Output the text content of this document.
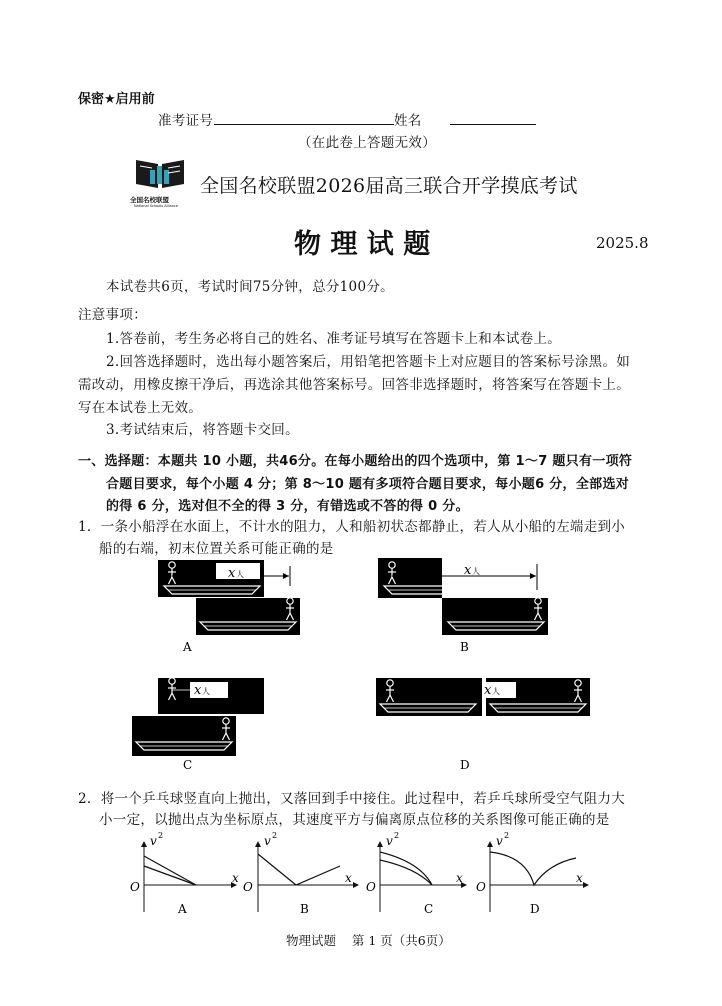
保密★启用前
准考证号	姓名
（在此卷上答题无效）
全国名校联盟
National Schools Alliance
全国名校联盟2026届高三联合开学摸底考试
物 理 试 题	2025.8
本试卷共6页，考试时间75分钟，总分100分。
注意事项：
1.答卷前，考生务必将自己的姓名、准考证号填写在答题卡上和本试卷上。
2.回答选择题时，选出每小题答案后，用铅笔把答题卡上对应题目的答案标号涂黑。如
需改动，用橡皮擦干净后，再选涂其他答案标号。回答非选择题时，将答案写在答题卡上。
写在本试卷上无效。
3.考试结束后，将答题卡交回。
一、选择题：本题共 10 小题，共46分。在每小题给出的四个选项中，第 1～7 题只有一项符
合题目要求，每个小题 4 分；第 8～10 题有多项符合题目要求，每小题6 分，全部选对
的得 6 分，选对但不全的得 3 分，有错选或不答的得 0 分。
1．一条小船浮在水面上，不计水的阻力，人和船初状态都静止，若人从小船的左端走到小
船的右端，初末位置关系可能正确的是
x 人
A
x 人
B
x 人
C
x 人
D
2．将一个乒乓球竖直向上抛出，又落回到手中接住。此过程中，若乒乓球所受空气阻力大
小一定，以抛出点为坐标原点，其速度平方与偏离原点位移的关系图像可能正确的是
v 2
x
O
A
v 2
x
O
B
v 2
x
O
C
v 2
x
O
D
物理试题    第 1 页（共6页）
